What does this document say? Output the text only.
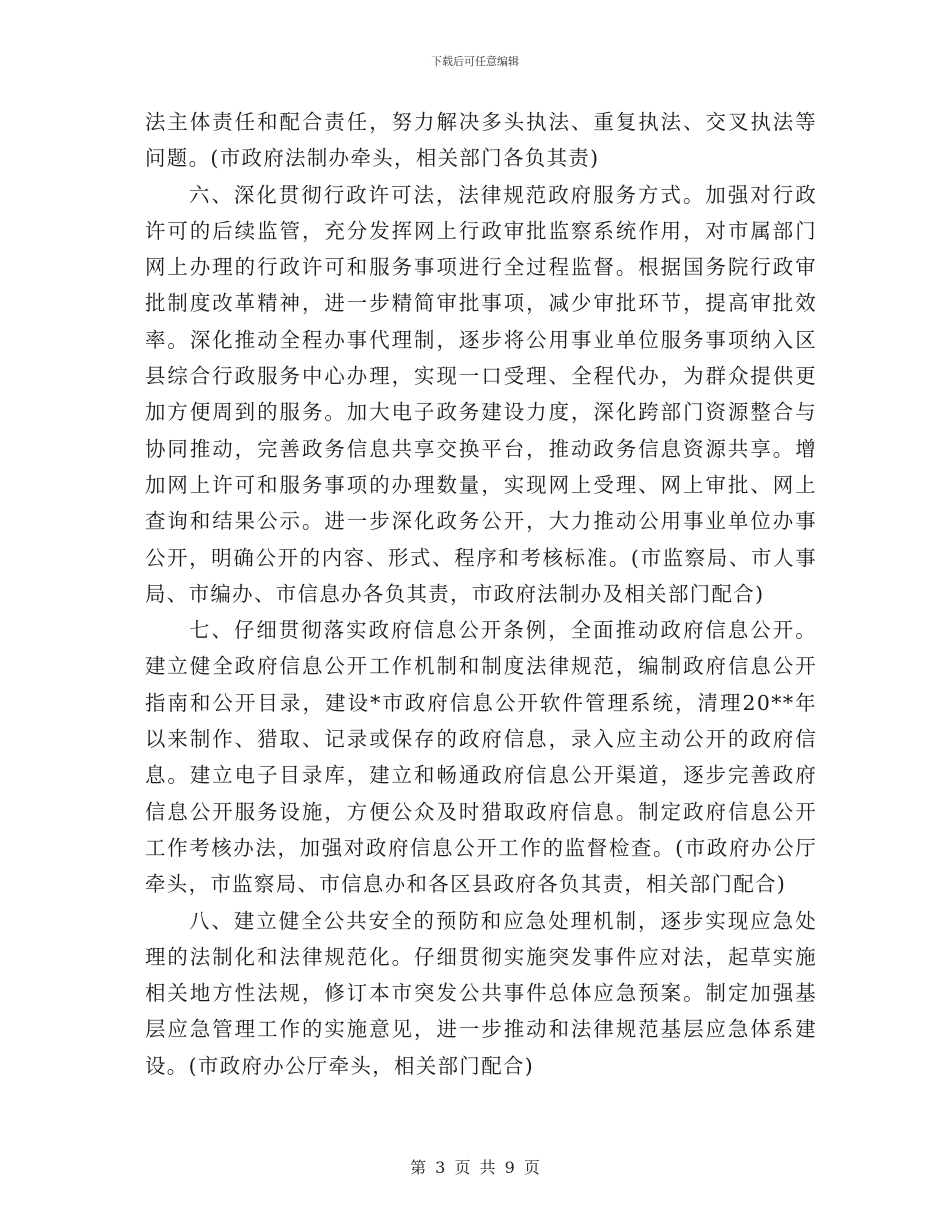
下载后可任意编辑

法主体责任和配合责任，努力解决多头执法、重复执法、交叉执法等问题。(市政府法制办牵头，相关部门各负其责)

六、深化贯彻行政许可法，法律规范政府服务方式。加强对行政许可的后续监管，充分发挥网上行政审批监察系统作用，对市属部门网上办理的行政许可和服务事项进行全过程监督。根据国务院行政审批制度改革精神，进一步精简审批事项，减少审批环节，提高审批效率。深化推动全程办事代理制，逐步将公用事业单位服务事项纳入区县综合行政服务中心办理，实现一口受理、全程代办，为群众提供更加方便周到的服务。加大电子政务建设力度，深化跨部门资源整合与协同推动，完善政务信息共享交换平台，推动政务信息资源共享。增加网上许可和服务事项的办理数量，实现网上受理、网上审批、网上查询和结果公示。进一步深化政务公开，大力推动公用事业单位办事公开，明确公开的内容、形式、程序和考核标准。(市监察局、市人事局、市编办、市信息办各负其责，市政府法制办及相关部门配合)

七、仔细贯彻落实政府信息公开条例，全面推动政府信息公开。建立健全政府信息公开工作机制和制度法律规范，编制政府信息公开指南和公开目录，建设*市政府信息公开软件管理系统，清理20**年以来制作、猎取、记录或保存的政府信息，录入应主动公开的政府信息。建立电子目录库，建立和畅通政府信息公开渠道，逐步完善政府信息公开服务设施，方便公众及时猎取政府信息。制定政府信息公开工作考核办法，加强对政府信息公开工作的监督检查。(市政府办公厅牵头，市监察局、市信息办和各区县政府各负其责，相关部门配合)

八、建立健全公共安全的预防和应急处理机制，逐步实现应急处理的法制化和法律规范化。仔细贯彻实施突发事件应对法，起草实施相关地方性法规，修订本市突发公共事件总体应急预案。制定加强基层应急管理工作的实施意见，进一步推动和法律规范基层应急体系建设。(市政府办公厅牵头，相关部门配合)

第 3 页 共 9 页
